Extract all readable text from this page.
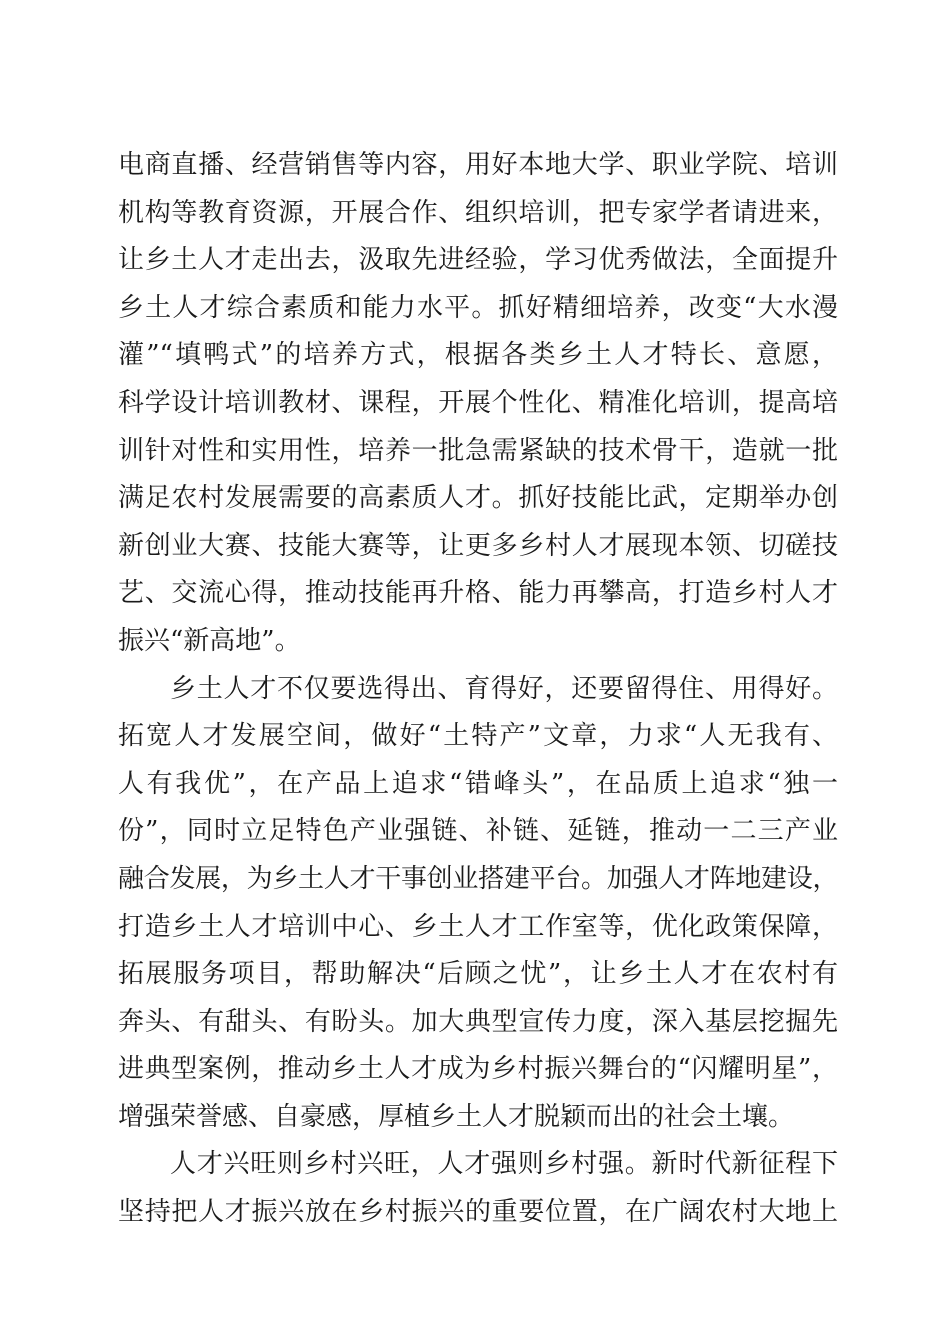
电商直播、经营销售等内容，用好本地大学、职业学院、培训
机构等教育资源，开展合作、组织培训，把专家学者请进来，
让乡土人才走出去，汲取先进经验，学习优秀做法，全面提升
乡土人才综合素质和能力水平。抓好精细培养，改变“大水漫
灌”“填鸭式”的培养方式，根据各类乡土人才特长、意愿，
科学设计培训教材、课程，开展个性化、精准化培训，提高培
训针对性和实用性，培养一批急需紧缺的技术骨干，造就一批
满足农村发展需要的高素质人才。抓好技能比武，定期举办创
新创业大赛、技能大赛等，让更多乡村人才展现本领、切磋技
艺、交流心得，推动技能再升格、能力再攀高，打造乡村人才
振兴“新高地”。
乡土人才不仅要选得出、育得好，还要留得住、用得好。
拓宽人才发展空间，做好“土特产”文章，力求“人无我有、
人有我优”，在产品上追求“错峰头”，在品质上追求“独一
份”，同时立足特色产业强链、补链、延链，推动一二三产业
融合发展，为乡土人才干事创业搭建平台。加强人才阵地建设，
打造乡土人才培训中心、乡土人才工作室等，优化政策保障，
拓展服务项目，帮助解决“后顾之忧”，让乡土人才在农村有
奔头、有甜头、有盼头。加大典型宣传力度，深入基层挖掘先
进典型案例，推动乡土人才成为乡村振兴舞台的“闪耀明星”，
增强荣誉感、自豪感，厚植乡土人才脱颖而出的社会土壤。
人才兴旺则乡村兴旺，人才强则乡村强。新时代新征程下
坚持把人才振兴放在乡村振兴的重要位置，在广阔农村大地上
